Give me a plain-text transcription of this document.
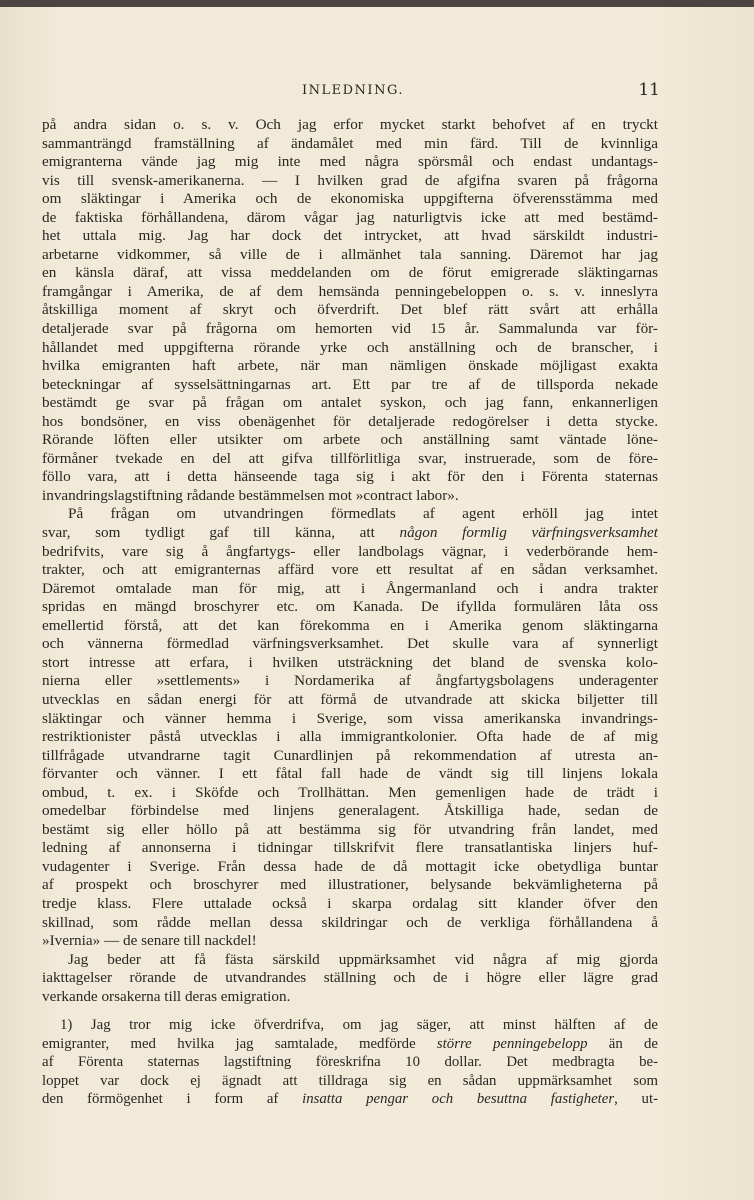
INLEDNING.	11
på andra sidan o. s. v. Och jag erfor mycket starkt behofvet af en tryckt
sammanträngd framställning af ändamålet med min färd. Till de kvinnliga
emigranterna vände jag mig inte med några spörsmål och endast undantags-
vis till svensk-amerikanerna. — I hvilken grad de afgifna svaren på frågorna
om släktingar i Amerika och de ekonomiska uppgifterna öfverensstämma med
de faktiska förhållandena, därom vågar jag naturligtvis icke att med bestämd-
het uttala mig. Jag har dock det intrycket, att hvad särskildt industri-
arbetarne vidkommer, så ville de i allmänhet tala sanning. Däremot har jag
en känsla däraf, att vissa meddelanden om de förut emigrerade släktingarnas
framgångar i Amerika, de af dem hemsända penningebeloppen o. s. v. inneslута
åtskilliga moment af skryt och öfverdrift. Det blef rätt svårt att erhålla
detaljerade svar på frågorna om hemorten vid 15 år. Sammalunda var för-
hållandet med uppgifterna rörande yrke och anställning och de branscher, i
hvilka emigranten haft arbete, när man nämligen önskade möjligast exakta
beteckningar af sysselsättningarnas art. Ett par tre af de tillsporda nekade
bestämdt ge svar på frågan om antalet syskon, och jag fann, enkannerligen
hos bondsöner, en viss obenägenhet för detaljerade redogörelser i detta stycke.
Rörande löften eller utsikter om arbete och anställning samt väntade löne-
förmåner tvekade en del att gifva tillförlitliga svar, instruerade, som de före-
föllo vara, att i detta hänseende taga sig i akt för den i Förenta staternas
invandringslagstiftning rådande bestämmelsen mot »contract labor».
På frågan om utvandringen förmedlats af agent erhöll jag intet
svar, som tydligt gaf till känna, att någon formlig värfningsverksamhet
bedrifvits, vare sig å ångfartygs- eller landbolags vägnar, i vederbörande hem-
trakter, och att emigranternas affärd vore ett resultat af en sådan verksamhet.
Däremot omtalade man för mig, att i Ångermanland och i andra trakter
spridas en mängd broschyrer etc. om Kanada. De ifyllda formulären låta oss
emellertid förstå, att det kan förekomma en i Amerika genom släktingarna
och vännerna förmedlad värfningsverksamhet. Det skulle vara af synnerligt
stort intresse att erfara, i hvilken utsträckning det bland de svenska kolo-
nierna eller »settlements» i Nordamerika af ångfartygsbolagens underagenter
utvecklas en sådan energi för att förmå de utvandrade att skicka biljetter till
släktingar och vänner hemma i Sverige, som vissa amerikanska invandrings-
restriktionister påstå utvecklas i alla immigrantkolonier. Ofta hade de af mig
tillfrågade utvandrarne tagit Cunardlinjen på rekommendation af utresta an-
förvanter och vänner. I ett fåtal fall hade de vändt sig till linjens lokala
ombud, t. ex. i Sköfde och Trollhättan. Men gemenligen hade de trädt i
omedelbar förbindelse med linjens generalagent. Åtskilliga hade, sedan de
bestämt sig eller höllo på att bestämma sig för utvandring från landet, med
ledning af annonserna i tidningar tillskrifvit flere transatlantiska linjers huf-
vudagenter i Sverige. Från dessa hade de då mottagit icke obetydliga buntar
af prospekt och broschyrer med illustrationer, belysande bekvämligheterna på
tredje klass. Flere uttalade också i skarpa ordalag sitt klander öfver den
skillnad, som rådde mellan dessa skildringar och de verkliga förhållandena å
»Ivernia» — de senare till nackdel!
Jag beder att få fästa särskild uppmärksamhet vid några af mig gjorda
iakttagelser rörande de utvandrandes ställning och de i högre eller lägre grad
verkande orsakerna till deras emigration.
1) Jag tror mig icke öfverdrifva, om jag säger, att minst hälften af de
emigranter, med hvilka jag samtalade, medförde större penningebelopp än de
af Förenta staternas lagstiftning föreskrifna 10 dollar. Det medbragta be-
loppet var dock ej ägnadt att tilldraga sig en sådan uppmärksamhet som
den förmögenhet i form af insatta pengar och besuttna fastigheter, ut-
